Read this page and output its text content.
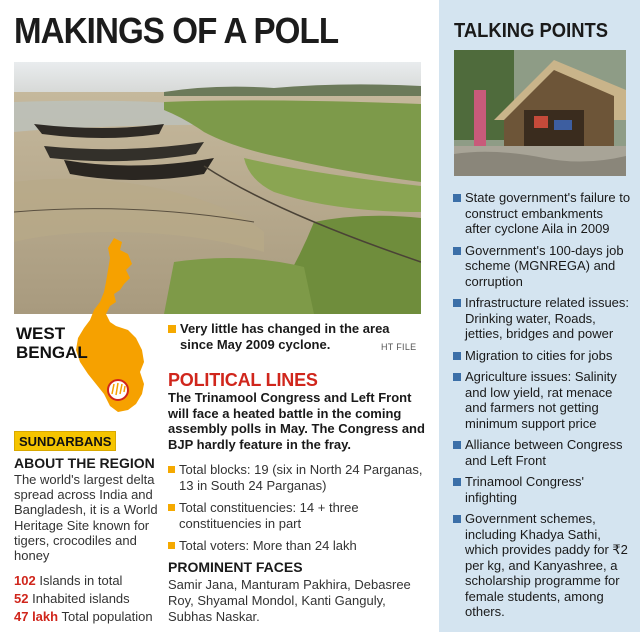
MAKINGS OF A POLL
WEST
BENGAL
SUNDARBANS
ABOUT THE REGION
The world's largest delta spread across India and Bangladesh, it is a World Heritage Site known for tigers, crocodiles and honey
102 Islands in total
52 Inhabited islands
47 lakh Total population
Very little has changed in the area since May 2009 cyclone.	HT FILE
POLITICAL LINES
The Trinamool Congress and Left Front will face a heated battle in the coming assembly polls in May. The Congress and BJP hardly feature in the fray.
Total blocks: 19 (six in North 24 Parganas, 13 in South 24 Parganas)
Total constituencies: 14 + three constituencies in part
Total voters: More than 24 lakh
PROMINENT FACES
Samir Jana, Manturam Pakhira, Debasree Roy, Shyamal Mondol, Kanti Ganguly, Subhas Naskar.
TALKING POINTS
State government's failure to construct embankments after cyclone Aila in 2009
Government's 100-days job scheme (MGNREGA) and corruption
Infrastructure related issues: Drinking water, Roads, jetties, bridges and power
Migration to cities for jobs
Agriculture issues: Salinity and low yield, rat menace and farmers not getting minimum support price
Alliance between Congress and Left Front
Trinamool Congress' infighting
Government schemes, including Khadya Sathi, which provides paddy for ₹2 per kg, and Kanyashree, a scholarship programme for female students, among others.
